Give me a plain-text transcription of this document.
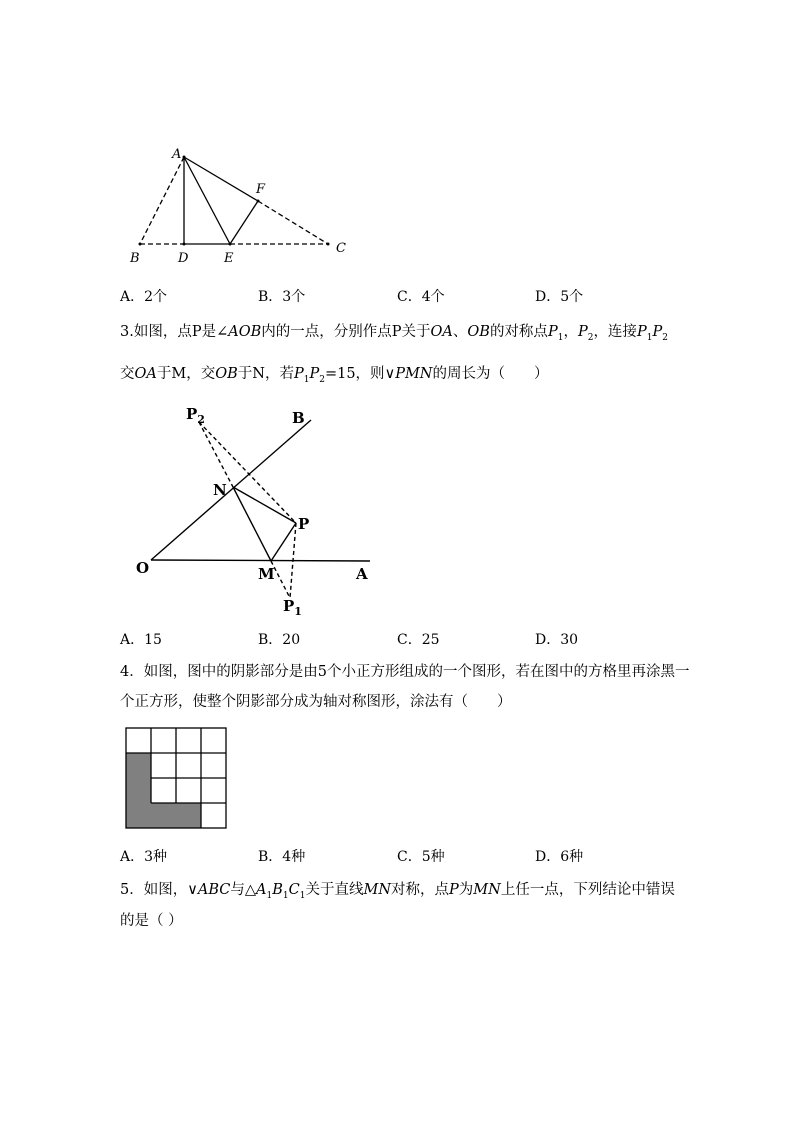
A
F
B	D	E
C
A．2个	B．3个	C．4个	D．5个
3.如图，点P是∠AOB内的一点，分别作点P关于OA、OB的对称点$P_1$，$P_2$，连接$P_1P_2$
交OA于M，交OB于N，若$P_1P_2=15$，则∨PMN的周长为（　　）
$P_2$	B
N
P
O	M	A
$P_1$
A．15	B．20	C．25	D．30
4．如图，图中的阴影部分是由5个小正方形组成的一个图形，若在图中的方格里再涂黑一
个正方形，使整个阴影部分成为轴对称图形，涂法有（　　）
A．3种	B．4种	C．5种	D．6种
5．如图，∨ABC与$\triangle A_1B_1C_1$关于直线MN对称，点P为MN上任一点，下列结论中错误
的是（ ）
